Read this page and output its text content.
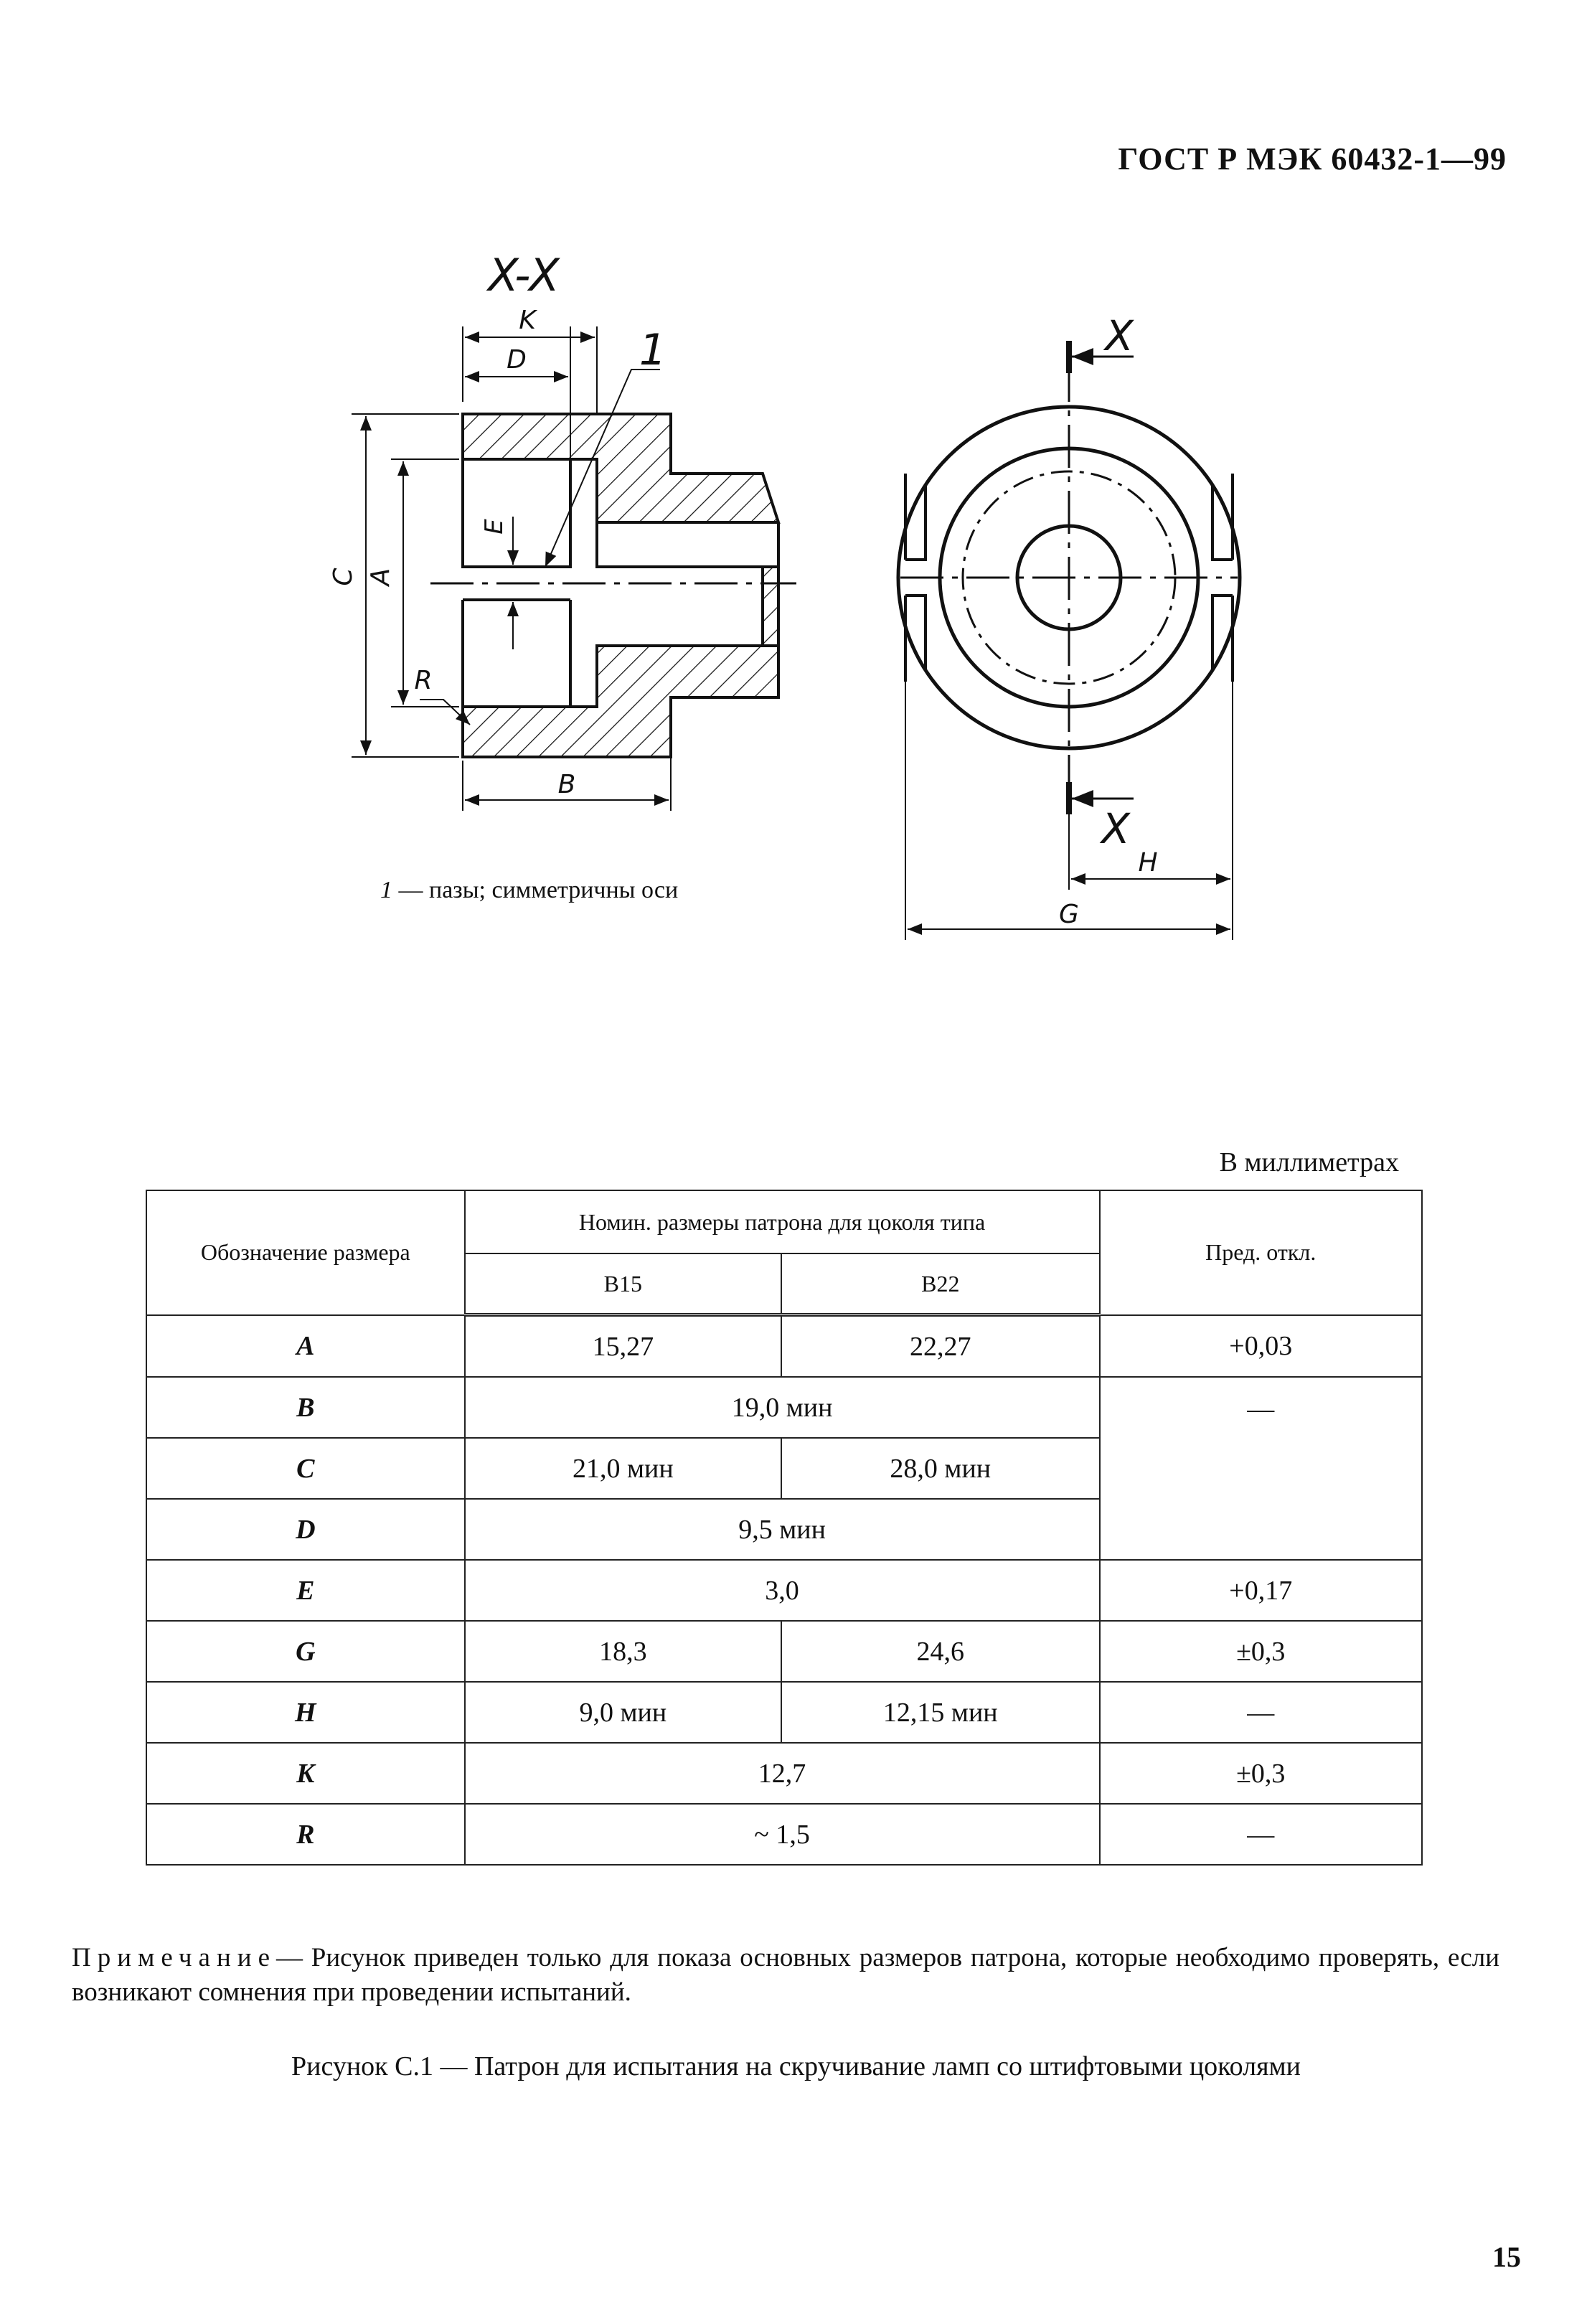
ГОСТ Р МЭК 60432-1—99
X-X
K
D	1
E
C A
R
B
X
X
H
G
1 — пазы; симметричны оси
В миллиметрах
Обозначение размера	Номин. размеры патрона для цоколя типа		Пред. откл.
	B15	B22	
A	15,27	22,27	+0,03
B	19,0 мин		—
C	21,0 мин	28,0 мин	
D	9,5 мин		
E	3,0		+0,17
G	18,3	24,6	±0,3
H	9,0 мин	12,15 мин	—
K	12,7		±0,3
R	~ 1,5		—
Примечание— Рисунок приведен только для показа основных размеров патрона, которые необходимо проверять, если возникают сомнения при проведении испытаний.
Рисунок С.1 — Патрон для испытания на скручивание ламп со штифтовыми цоколями
15
